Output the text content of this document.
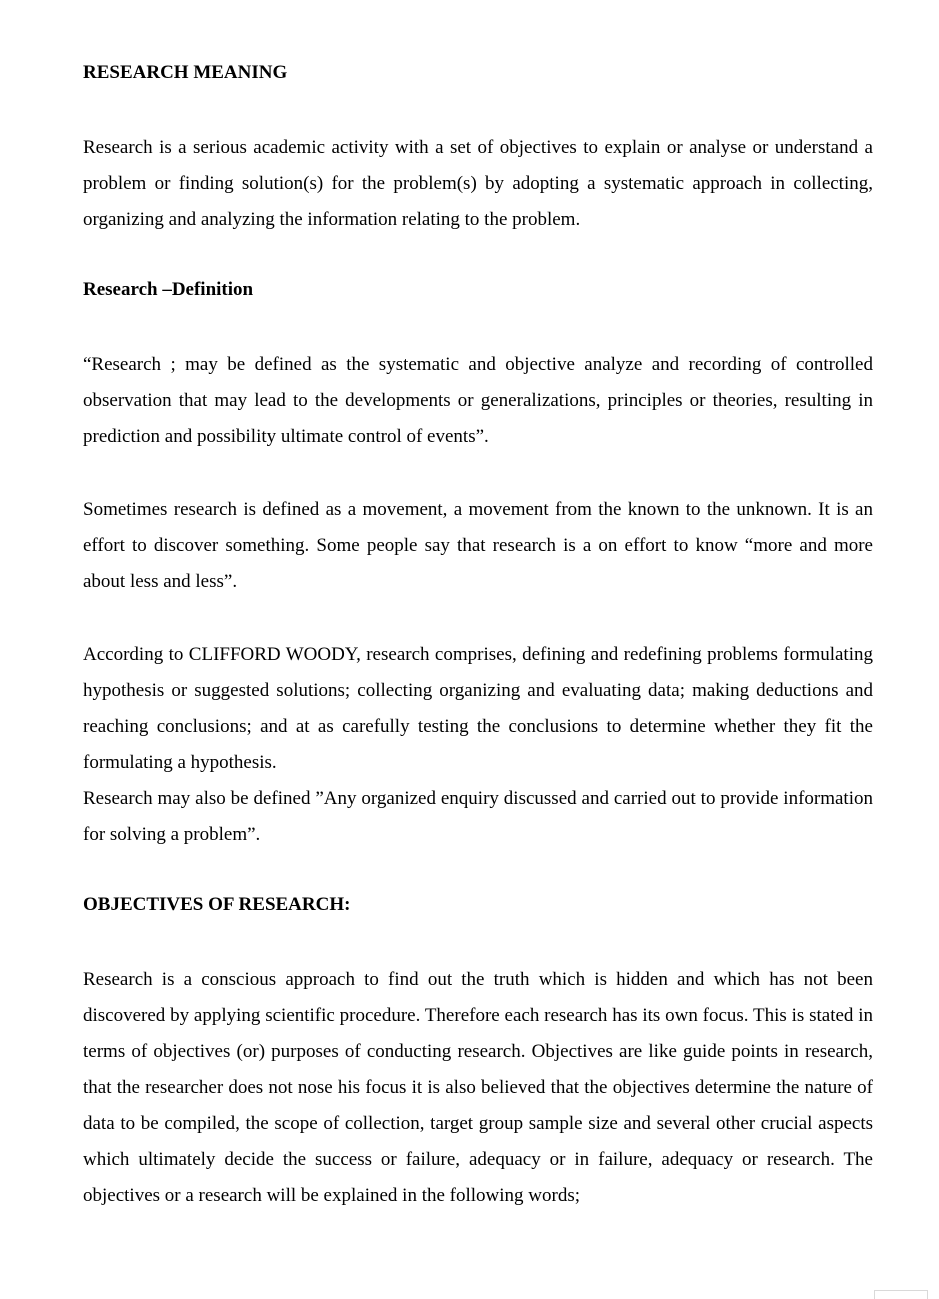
RESEARCH MEANING

Research is a serious academic activity with a set of objectives to explain or analyse or understand a problem or finding solution(s) for the problem(s) by adopting a systematic approach in collecting, organizing and analyzing the information relating to the problem.

Research –Definition

“Research ; may be defined as the systematic and objective analyze and recording of controlled observation that may lead to the developments or generalizations, principles or theories, resulting in prediction and possibility ultimate control of events”.

Sometimes research is defined as a movement, a movement from the known to the unknown. It is an effort to discover something. Some people say that research is a on effort to know “more and more about less and less”.

According to CLIFFORD WOODY, research comprises, defining and redefining problems formulating hypothesis or suggested solutions; collecting organizing and evaluating data; making deductions and reaching conclusions; and at as carefully testing the conclusions to determine whether they fit the formulating a hypothesis.

Research may also be defined ”Any organized enquiry discussed and carried out to provide information for solving a problem”.

OBJECTIVES OF RESEARCH:

Research is a conscious approach to find out the truth which is hidden and which has not been discovered by applying scientific procedure. Therefore each research has its own focus. This is stated in terms of objectives (or) purposes of conducting research. Objectives are like guide points in research, that the researcher does not nose his focus it is also believed that the objectives determine the nature of data to be compiled, the scope of collection, target group sample size and several other crucial aspects which ultimately decide the success or failure, adequacy or in failure, adequacy or research. The objectives or a research will be explained in the following words;
